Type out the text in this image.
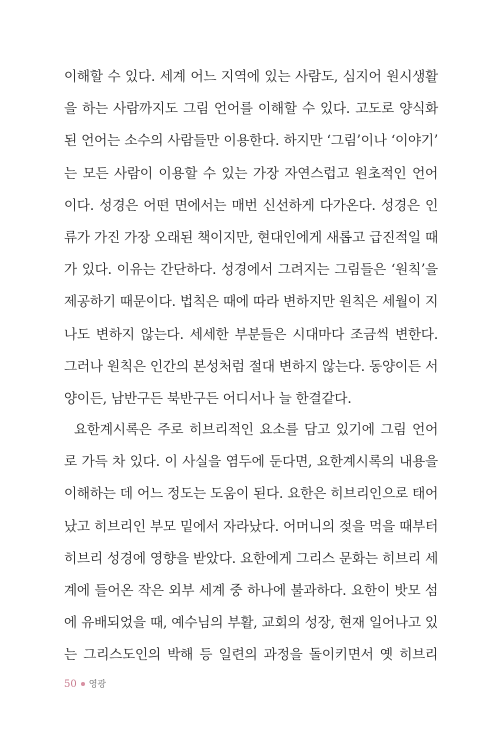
이해할 수 있다. 세계 어느 지역에 있는 사람도, 심지어 원시생활
을 하는 사람까지도 그림 언어를 이해할 수 있다. 고도로 양식화
된 언어는 소수의 사람들만 이용한다. 하지만 ‘그림’이나 ‘이야기’
는 모든 사람이 이용할 수 있는 가장 자연스럽고 원초적인 언어
이다. 성경은 어떤 면에서는 매번 신선하게 다가온다. 성경은 인
류가 가진 가장 오래된 책이지만, 현대인에게 새롭고 급진적일 때
가 있다. 이유는 간단하다. 성경에서 그려지는 그림들은 ‘원칙’을
제공하기 때문이다. 법칙은 때에 따라 변하지만 원칙은 세월이 지
나도 변하지 않는다. 세세한 부분들은 시대마다 조금씩 변한다.
그러나 원칙은 인간의 본성처럼 절대 변하지 않는다. 동양이든 서
양이든, 남반구든 북반구든 어디서나 늘 한결같다.
요한계시록은 주로 히브리적인 요소를 담고 있기에 그림 언어
로 가득 차 있다. 이 사실을 염두에 둔다면, 요한계시록의 내용을
이해하는 데 어느 정도는 도움이 된다. 요한은 히브리인으로 태어
났고 히브리인 부모 밑에서 자라났다. 어머니의 젖을 먹을 때부터
히브리 성경에 영향을 받았다. 요한에게 그리스 문화는 히브리 세
계에 들어온 작은 외부 세계 중 하나에 불과하다. 요한이 밧모 섬
에 유배되었을 때, 예수님의 부활, 교회의 성장, 현재 일어나고 있
는 그리스도인의 박해 등 일련의 과정을 돌이키면서 옛 히브리
50 영광
